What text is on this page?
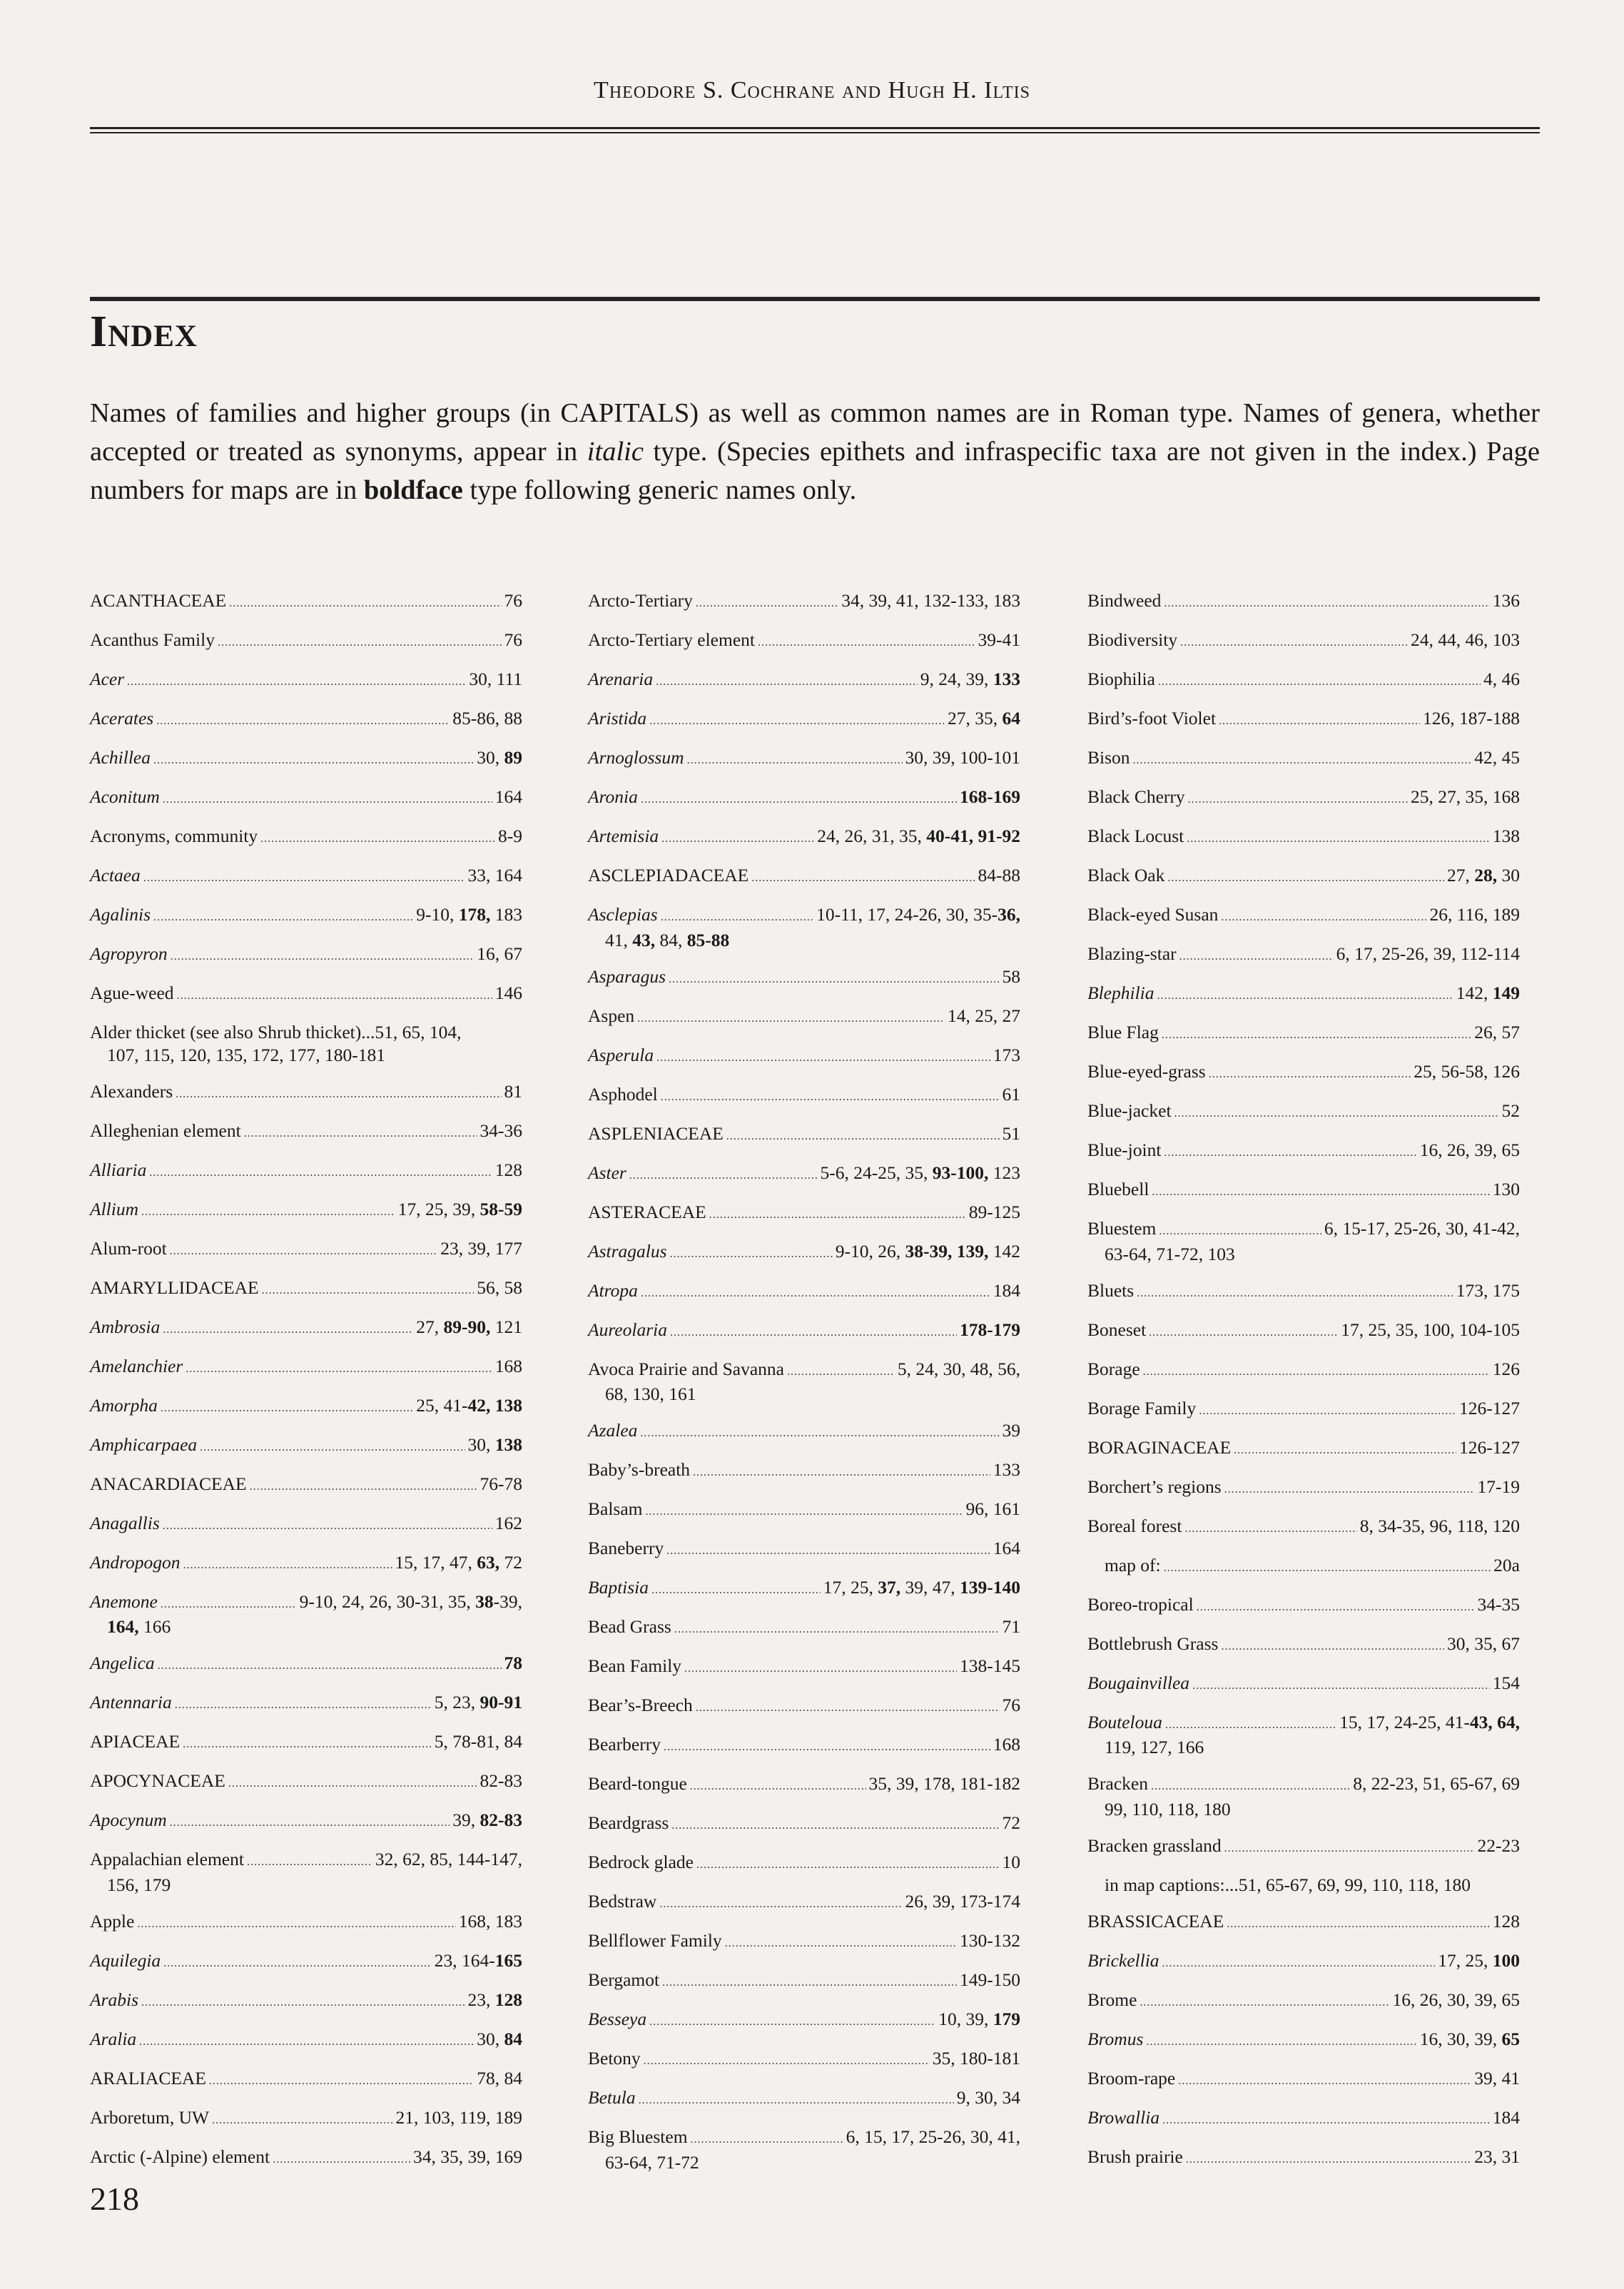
Theodore S. Cochrane and Hugh H. Iltis
Index
Names of families and higher groups (in CAPITALS) as well as common names are in Roman type. Names of genera, whether accepted or treated as synonyms, appear in italic type. (Species epithets and infraspecific taxa are not given in the index.) Page numbers for maps are in boldface type following generic names only.
ACANTHACEAE .....	76
Acanthus Family .....	76
Acer .....	30, 111
Acerates .....	85-86, 88
Achillea .....	30, 89
Aconitum .....	164
Acronyms, community .....	8-9
Actaea .....	33, 164
Agalinis .....	9-10, 178, 183
Agropyron .....	16, 67
Ague-weed .....	146
Alder thicket (see also Shrub thicket) ...51, 65, 104,
107, 115, 120, 135, 172, 177, 180-181
Alexanders .....	81
Alleghenian element .....	34-36
Alliaria .....	128
Allium .....	17, 25, 39, 58-59
Alum-root .....	23, 39, 177
AMARYLLIDACEAE .....	56, 58
Ambrosia .....	27, 89-90, 121
Amelanchier .....	168
Amorpha .....	25, 41-42, 138
Amphicarpaea .....	30, 138
ANACARDIACEAE .....	76-78
Anagallis .....	162
Andropogon .....	15, 17, 47, 63, 72
Anemone .....	9-10, 24, 26, 30-31, 35, 38-39,
164, 166
Angelica .....	78
Antennaria .....	5, 23, 90-91
APIACEAE .....	5, 78-81, 84
APOCYNACEAE .....	82-83
Apocynum .....	39, 82-83
Appalachian element .....	32, 62, 85, 144-147,
156, 179
Apple .....	168, 183
Aquilegia .....	23, 164-165
Arabis .....	23, 128
Aralia .....	30, 84
ARALIACEAE .....	78, 84
Arboretum, UW .....	21, 103, 119, 189
Arctic (-Alpine) element .....	34, 35, 39, 169
Arcto-Tertiary .....	34, 39, 41, 132-133, 183
Arcto-Tertiary element .....	39-41
Arenaria .....	9, 24, 39, 133
Aristida .....	27, 35, 64
Arnoglossum .....	30, 39, 100-101
Aronia .....	168-169
Artemisia .....	24, 26, 31, 35, 40-41, 91-92
ASCLEPIADACEAE .....	84-88
Asclepias .....	10-11, 17, 24-26, 30, 35-36,
41, 43, 84, 85-88
Asparagus .....	58
Aspen .....	14, 25, 27
Asperula .....	173
Asphodel .....	61
ASPLENIACEAE .....	51
Aster .....	5-6, 24-25, 35, 93-100, 123
ASTERACEAE .....	89-125
Astragalus .....	9-10, 26, 38-39, 139, 142
Atropa .....	184
Aureolaria .....	178-179
Avoca Prairie and Savanna .....	5, 24, 30, 48, 56,
68, 130, 161
Azalea .....	39
Baby’s-breath .....	133
Balsam .....	96, 161
Baneberry .....	164
Baptisia .....	17, 25, 37, 39, 47, 139-140
Bead Grass .....	71
Bean Family .....	138-145
Bear’s-Breech .....	76
Bearberry .....	168
Beard-tongue .....	35, 39, 178, 181-182
Beardgrass .....	72
Bedrock glade .....	10
Bedstraw .....	26, 39, 173-174
Bellflower Family .....	130-132
Bergamot .....	149-150
Besseya .....	10, 39, 179
Betony .....	35, 180-181
Betula .....	9, 30, 34
Big Bluestem .....	6, 15, 17, 25-26, 30, 41,
63-64, 71-72
Bindweed .....	136
Biodiversity .....	24, 44, 46, 103
Biophilia .....	4, 46
Bird’s-foot Violet .....	126, 187-188
Bison .....	42, 45
Black Cherry .....	25, 27, 35, 168
Black Locust .....	138
Black Oak .....	27, 28, 30
Black-eyed Susan .....	26, 116, 189
Blazing-star .....	6, 17, 25-26, 39, 112-114
Blephilia .....	142, 149
Blue Flag .....	26, 57
Blue-eyed-grass .....	25, 56-58, 126
Blue-jacket .....	52
Blue-joint .....	16, 26, 39, 65
Bluebell .....	130
Bluestem .....	6, 15-17, 25-26, 30, 41-42,
63-64, 71-72, 103
Bluets .....	173, 175
Boneset .....	17, 25, 35, 100, 104-105
Borage .....	126
Borage Family .....	126-127
BORAGINACEAE .....	126-127
Borchert’s regions .....	17-19
Boreal forest .....	8, 34-35, 96, 118, 120
map of: .....	20a
Boreo-tropical .....	34-35
Bottlebrush Grass .....	30, 35, 67
Bougainvillea .....	154
Bouteloua .....	15, 17, 24-25, 41-43, 64,
119, 127, 166
Bracken .....	8, 22-23, 51, 65-67, 69
99, 110, 118, 180
Bracken grassland .....	22-23
in map captions: ...51, 65-67, 69, 99, 110, 118, 180
BRASSICACEAE .....	128
Brickellia .....	17, 25, 100
Brome .....	16, 26, 30, 39, 65
Bromus .....	16, 30, 39, 65
Broom-rape .....	39, 41
Browallia .....	184
Brush prairie .....	23, 31
218
